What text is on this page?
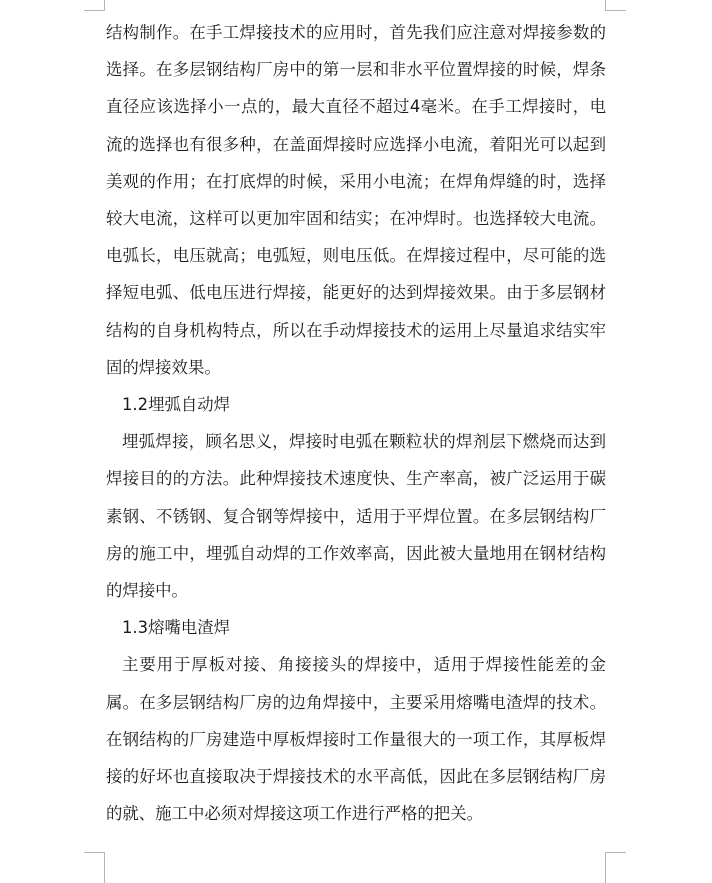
结构制作。在手工焊接技术的应用时，首先我们应注意对焊接参数的选择。在多层钢结构厂房中的第一层和非水平位置焊接的时候，焊条直径应该选择小一点的，最大直径不超过4毫米。在手工焊接时，电流的选择也有很多种，在盖面焊接时应选择小电流，着阳光可以起到美观的作用；在打底焊的时候，采用小电流；在焊角焊缝的时，选择较大电流，这样可以更加牢固和结实；在冲焊时。也选择较大电流。电弧长，电压就高；电弧短，则电压低。在焊接过程中，尽可能的选择短电弧、低电压进行焊接，能更好的达到焊接效果。由于多层钢材结构的自身机构特点，所以在手动焊接技术的运用上尽量追求结实牢固的焊接效果。

1.2埋弧自动焊

埋弧焊接，顾名思义，焊接时电弧在颗粒状的焊剂层下燃烧而达到焊接目的的方法。此种焊接技术速度快、生产率高，被广泛运用于碳素钢、不锈钢、复合钢等焊接中，适用于平焊位置。在多层钢结构厂房的施工中，埋弧自动焊的工作效率高，因此被大量地用在钢材结构的焊接中。

1.3熔嘴电渣焊

主要用于厚板对接、角接接头的焊接中，适用于焊接性能差的金属。在多层钢结构厂房的边角焊接中，主要采用熔嘴电渣焊的技术。在钢结构的厂房建造中厚板焊接时工作量很大的一项工作，其厚板焊接的好坏也直接取决于焊接技术的水平高低，因此在多层钢结构厂房的就、施工中必须对焊接这项工作进行严格的把关。
